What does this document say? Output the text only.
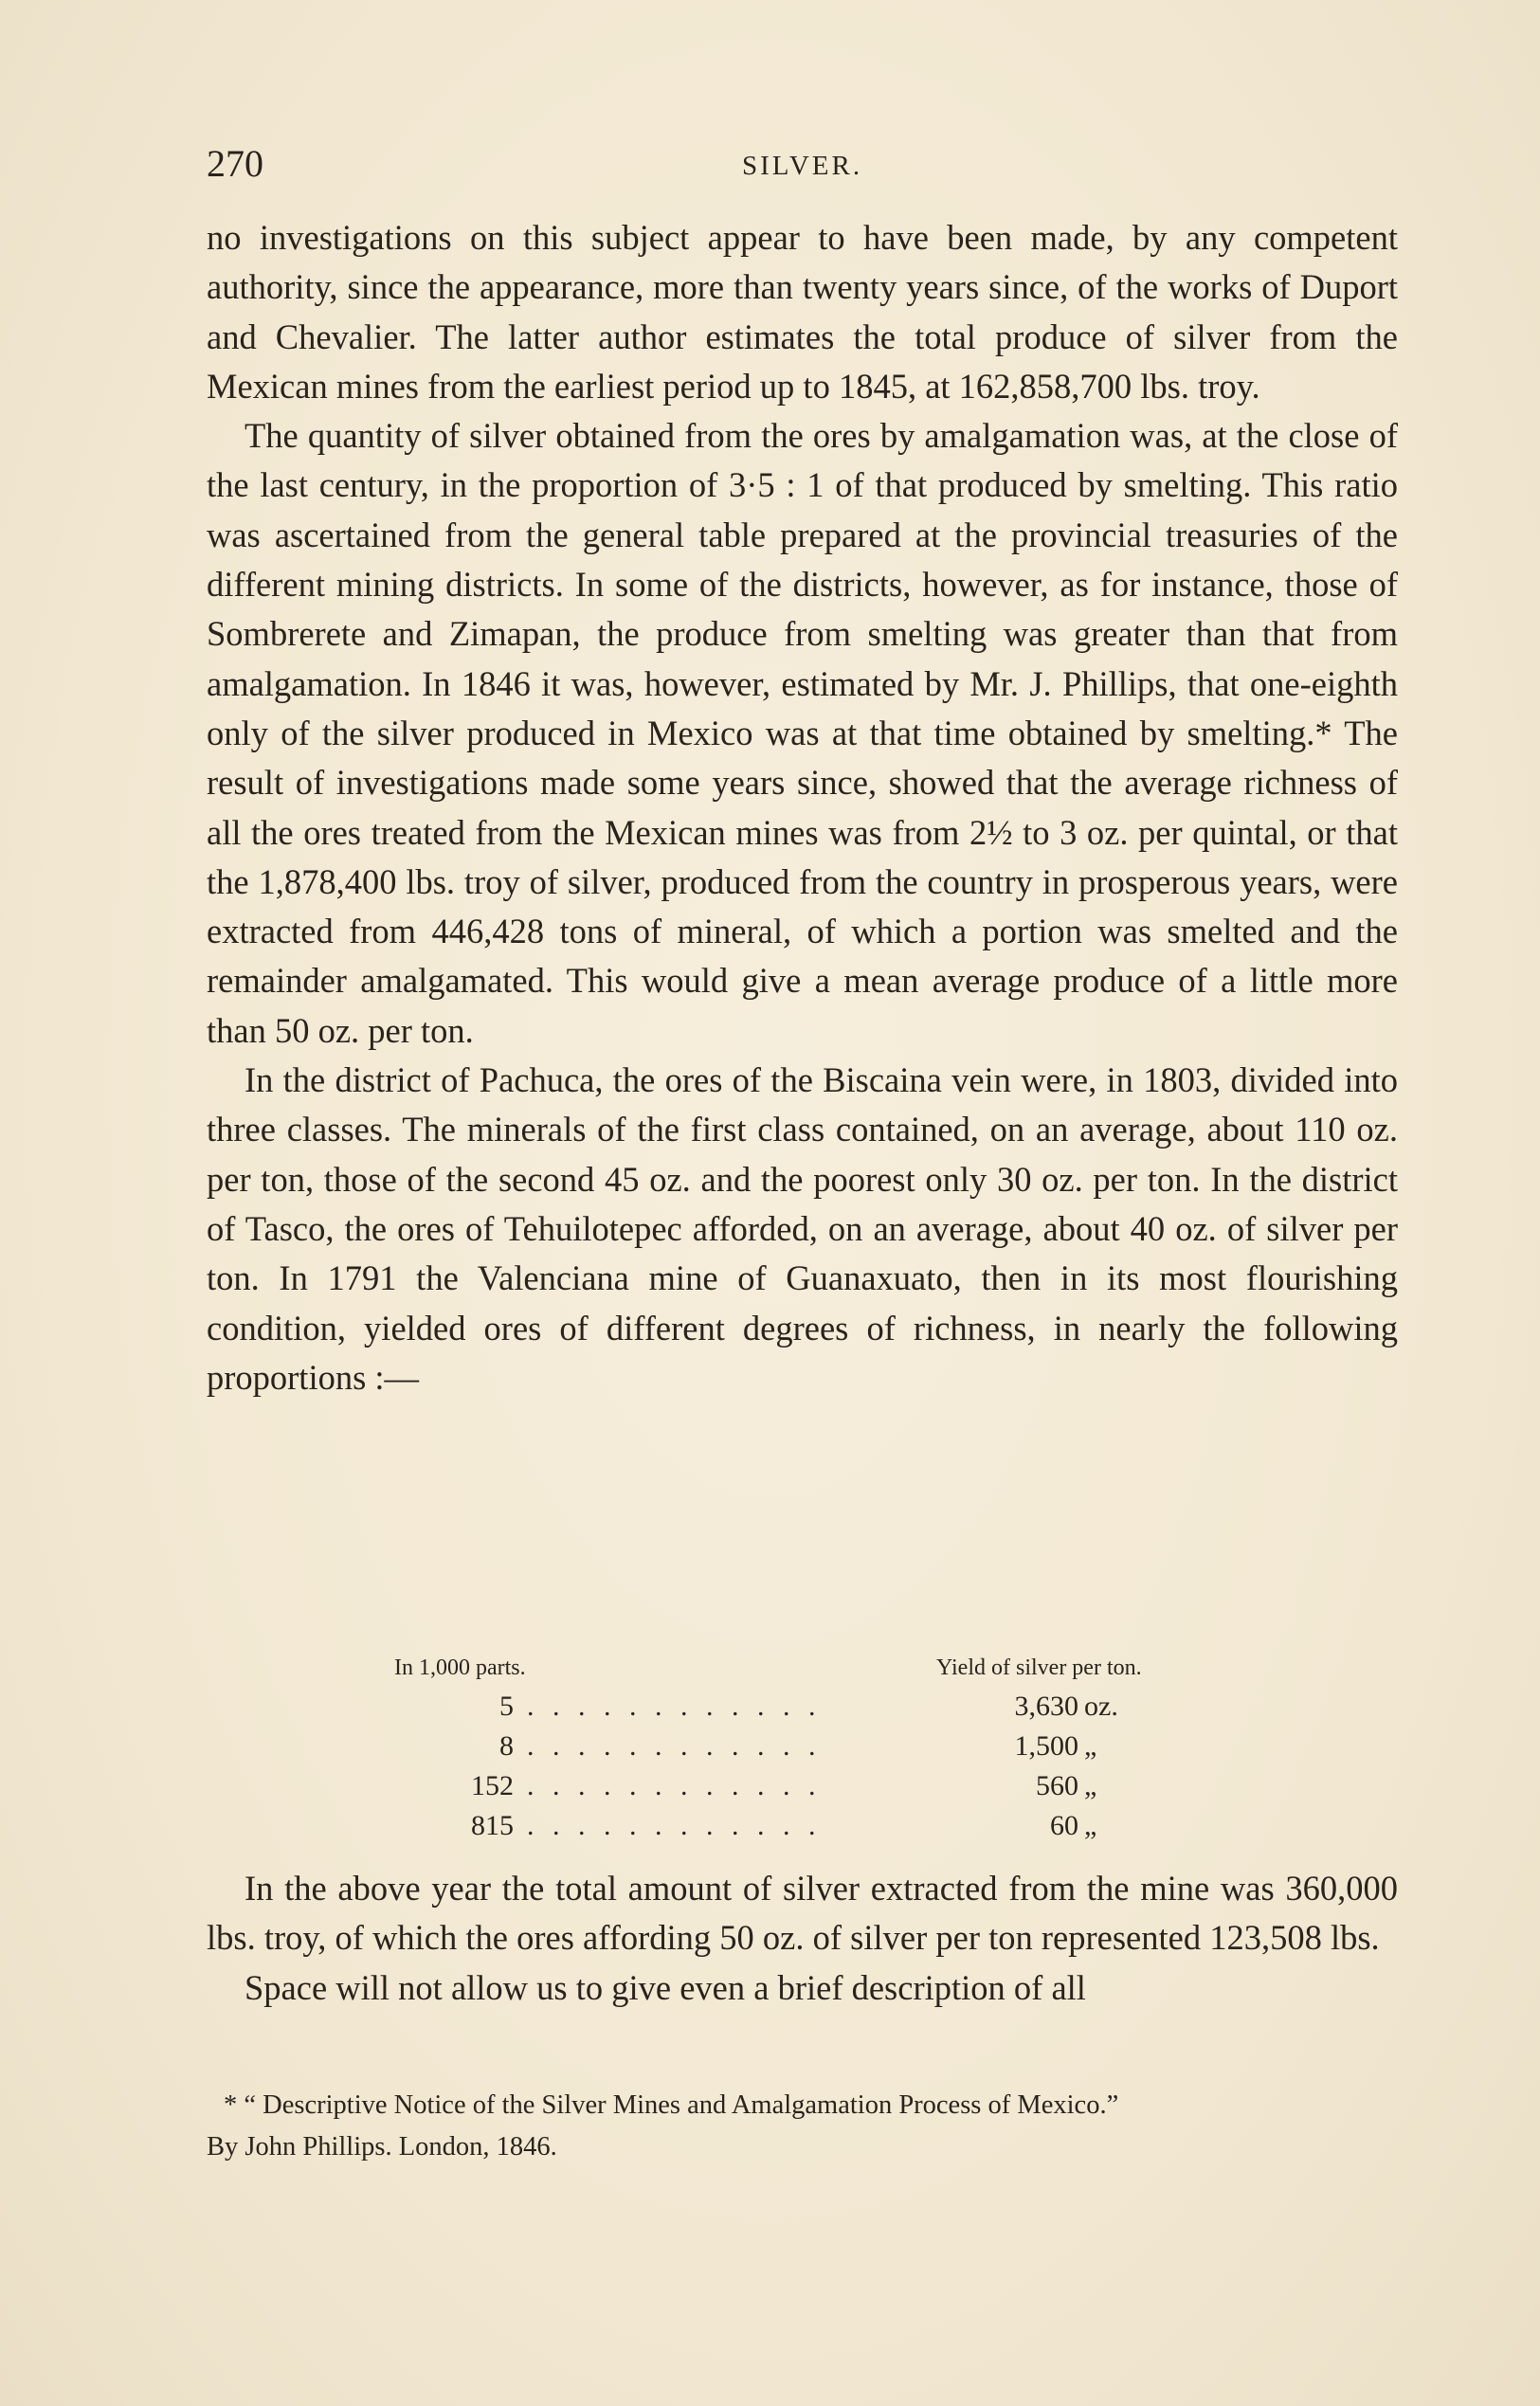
270	SILVER.

no investigations on this subject appear to have been made, by any competent authority, since the appearance, more than twenty years since, of the works of Duport and Chevalier. The latter author estimates the total produce of silver from the Mexican mines from the earliest period up to 1845, at 162,858,700 lbs. troy.

The quantity of silver obtained from the ores by amalgamation was, at the close of the last century, in the proportion of 3·5 : 1 of that produced by smelting. This ratio was ascertained from the general table prepared at the provincial treasuries of the different mining districts. In some of the districts, however, as for instance, those of Sombrerete and Zimapan, the produce from smelting was greater than that from amalgamation. In 1846 it was, however, estimated by Mr. J. Phillips, that one-eighth only of the silver produced in Mexico was at that time obtained by smelting.* The result of investigations made some years since, showed that the average richness of all the ores treated from the Mexican mines was from 2½ to 3 oz. per quintal, or that the 1,878,400 lbs. troy of silver, produced from the country in prosperous years, were extracted from 446,428 tons of mineral, of which a portion was smelted and the remainder amalgamated. This would give a mean average produce of a little more than 50 oz. per ton.

In the district of Pachuca, the ores of the Biscaina vein were, in 1803, divided into three classes. The minerals of the first class contained, on an average, about 110 oz. per ton, those of the second 45 oz. and the poorest only 30 oz. per ton. In the district of Tasco, the ores of Tehuilotepec afforded, on an average, about 40 oz. of silver per ton. In 1791 the Valenciana mine of Guanaxuato, then in its most flourishing condition, yielded ores of different degrees of richness, in nearly the following proportions :—

In 1,000 parts.	Yield of silver per ton.
5 . . . . . . . . . . . .	3,630 oz.
8 . . . . . . . . . . . .	1,500 „
152 . . . . . . . . . . . .	560 „
815 . . . . . . . . . . . .	60 „

In the above year the total amount of silver extracted from the mine was 360,000 lbs. troy, of which the ores affording 50 oz. of silver per ton represented 123,508 lbs.

Space will not allow us to give even a brief description of all

* “ Descriptive Notice of the Silver Mines and Amalgamation Process of Mexico.”

By John Phillips. London, 1846.
